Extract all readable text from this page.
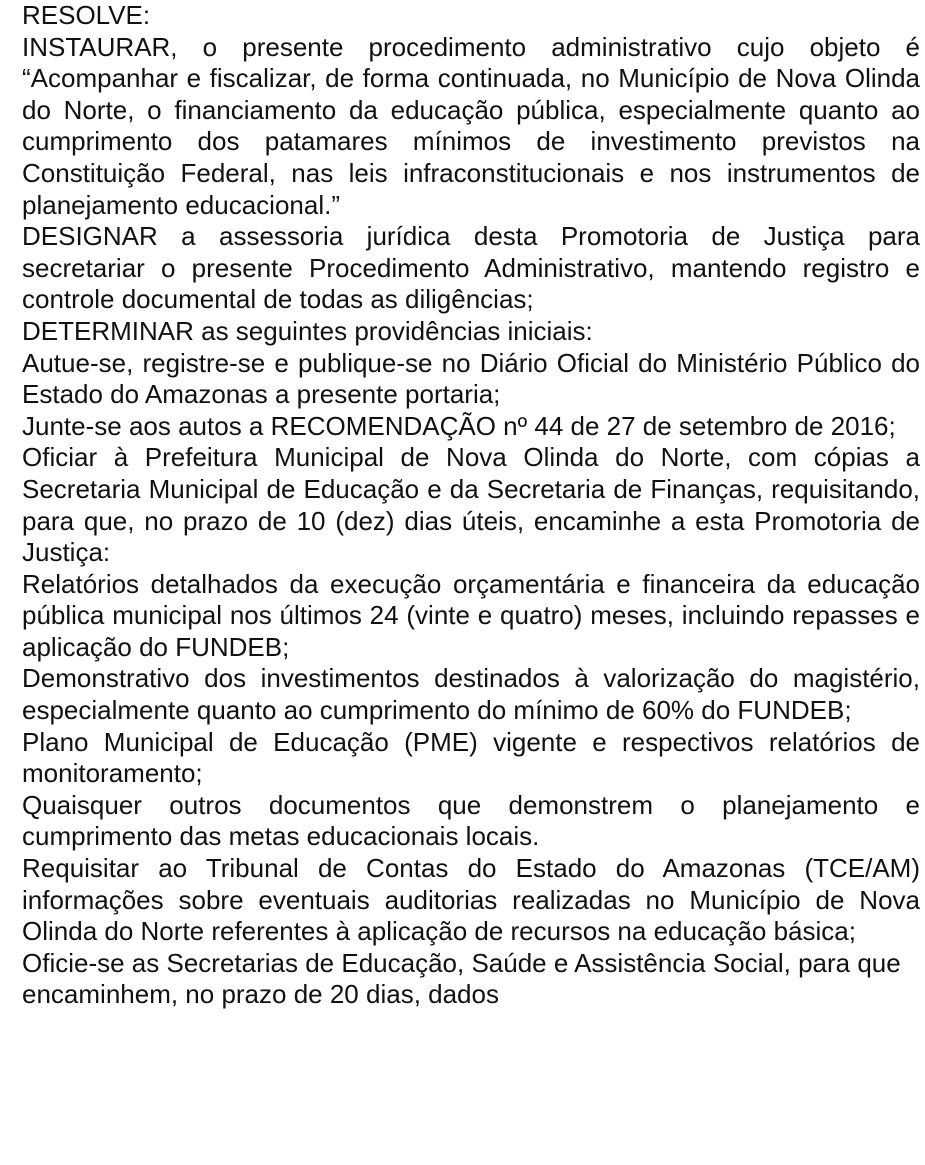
RESOLVE:

INSTAURAR, o presente procedimento administrativo cujo objeto é “Acompanhar e fiscalizar, de forma continuada, no Município de Nova Olinda do Norte, o financiamento da educação pública, especialmente quanto ao cumprimento dos patamares mínimos de investimento previstos na Constituição Federal, nas leis infraconstitucionais e nos instrumentos de planejamento educacional.”

DESIGNAR a assessoria jurídica desta Promotoria de Justiça para secretariar o presente Procedimento Administrativo, mantendo registro e controle documental de todas as diligências;

DETERMINAR as seguintes providências iniciais:

Autue-se, registre-se e publique-se no Diário Oficial do Ministério Público do Estado do Amazonas a presente portaria;

Junte-se aos autos a RECOMENDAÇÃO nº 44 de 27 de setembro de 2016;

Oficiar à Prefeitura Municipal de Nova Olinda do Norte, com cópias a Secretaria Municipal de Educação e da Secretaria de Finanças, requisitando, para que, no prazo de 10 (dez) dias úteis, encaminhe a esta Promotoria de Justiça:

Relatórios detalhados da execução orçamentária e financeira da educação pública municipal nos últimos 24 (vinte e quatro) meses, incluindo repasses e aplicação do FUNDEB;

Demonstrativo dos investimentos destinados à valorização do magistério, especialmente quanto ao cumprimento do mínimo de 60% do FUNDEB;

Plano Municipal de Educação (PME) vigente e respectivos relatórios de monitoramento;

Quaisquer outros documentos que demonstrem o planejamento e cumprimento das metas educacionais locais.

Requisitar ao Tribunal de Contas do Estado do Amazonas (TCE/AM) informações sobre eventuais auditorias realizadas no Município de Nova Olinda do Norte referentes à aplicação de recursos na educação básica;

Oficie-se as Secretarias de Educação, Saúde e Assistência Social, para que encaminhem, no prazo de 20 dias, dados
